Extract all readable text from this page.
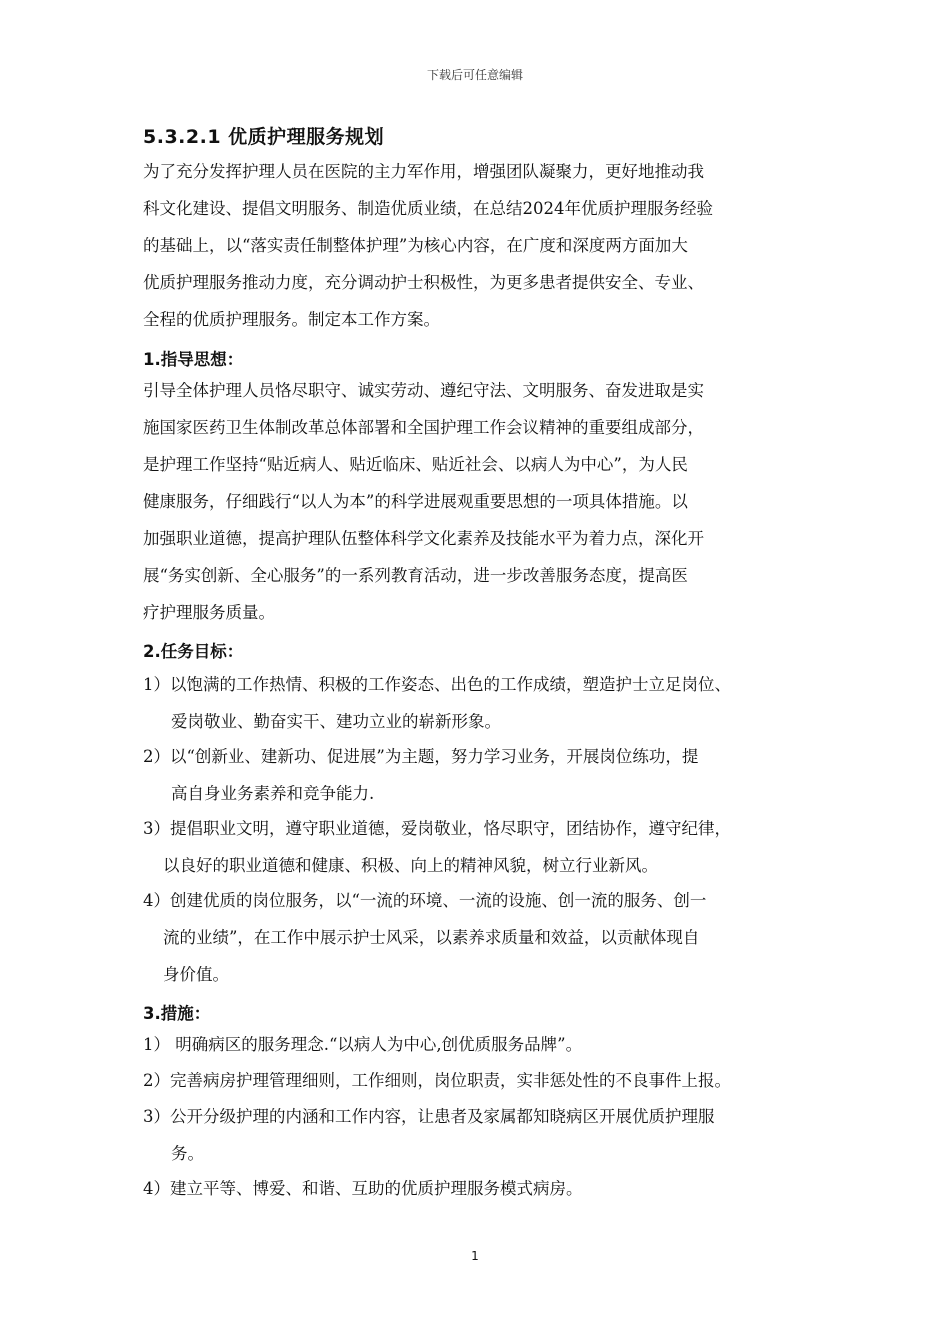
下载后可任意编辑
5.3.2.1 优质护理服务规划
为了充分发挥护理人员在医院的主力军作用，增强团队凝聚力，更好地推动我
科文化建设、提倡文明服务、制造优质业绩，在总结2024年优质护理服务经验
的基础上，以“落实责任制整体护理”为核心内容，在广度和深度两方面加大
优质护理服务推动力度，充分调动护士积极性，为更多患者提供安全、专业、
全程的优质护理服务。制定本工作方案。
1.指导思想：
引导全体护理人员恪尽职守、诚实劳动、遵纪守法、文明服务、奋发进取是实
施国家医药卫生体制改革总体部署和全国护理工作会议精神的重要组成部分，
是护理工作坚持“贴近病人、贴近临床、贴近社会、以病人为中心”，为人民
健康服务，仔细践行“以人为本”的科学进展观重要思想的一项具体措施。以
加强职业道德，提高护理队伍整体科学文化素养及技能水平为着力点，深化开
展“务实创新、全心服务”的一系列教育活动，进一步改善服务态度，提高医
疗护理服务质量。
2.任务目标：
1）以饱满的工作热情、积极的工作姿态、出色的工作成绩，塑造护士立足岗位、
爱岗敬业、勤奋实干、建功立业的崭新形象。
2）以“创新业、建新功、促进展”为主题，努力学习业务，开展岗位练功，提
高自身业务素养和竞争能力.
3）提倡职业文明，遵守职业道德，爱岗敬业，恪尽职守，团结协作，遵守纪律，
以良好的职业道德和健康、积极、向上的精神风貌，树立行业新风。
4）创建优质的岗位服务，以“一流的环境、一流的设施、创一流的服务、创一
流的业绩”，在工作中展示护士风采，以素养求质量和效益，以贡献体现自
身价值。
3.措施：
1） 明确病区的服务理念.“以病人为中心,创优质服务品牌”。
2）完善病房护理管理细则，工作细则，岗位职责，实非惩处性的不良事件上报。
3）公开分级护理的内涵和工作内容，让患者及家属都知晓病区开展优质护理服
务。
4）建立平等、博爱、和谐、互助的优质护理服务模式病房。
1
